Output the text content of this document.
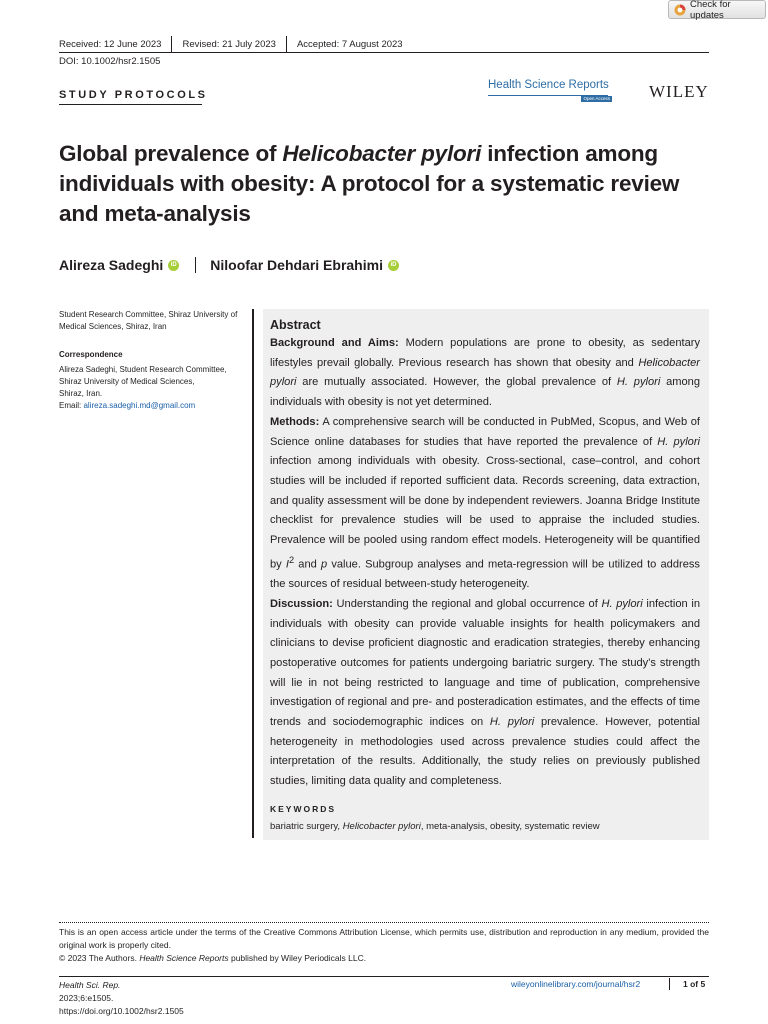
Check for updates
Received: 12 June 2023 Revised: 21 July 2023 Accepted: 7 August 2023
DOI: 10.1002/hsr2.1505
STUDY PROTOCOLS
Health Science Reports
Open Access WILEY
Global prevalence of Helicobacter pylori infection among individuals with obesity: A protocol for a systematic review and meta-analysis
Alireza Sadeghi	iD Niloofar Dehdari Ebrahimi	iD
Student Research Committee, Shiraz University of Medical Sciences, Shiraz, Iran
Correspondence
Alireza Sadeghi, Student Research Committee,
Shiraz University of Medical Sciences,
Shiraz, Iran.
Email: alireza.sadeghi.md@gmail.com
Abstract

Background and Aims: Modern populations are prone to obesity, as sedentary lifestyles prevail globally. Previous research has shown that obesity and Helicobacter pylori are mutually associated. However, the global prevalence of H. pylori among individuals with obesity is not yet determined.
Methods: A comprehensive search will be conducted in PubMed, Scopus, and Web of Science online databases for studies that have reported the prevalence of H. pylori infection among individuals with obesity. Cross-sectional, case–control, and cohort studies will be included if reported sufficient data. Records screening, data extraction, and quality assessment will be done by independent reviewers. Joanna Bridge Institute checklist for prevalence studies will be used to appraise the included studies. Prevalence will be pooled using random effect models. Heterogeneity will be quantified by $I^2$ and p value. Subgroup analyses and meta-regression will be utilized to address the sources of residual between-study heterogeneity.
Discussion: Understanding the regional and global occurrence of H. pylori infection in individuals with obesity can provide valuable insights for health policymakers and clinicians to devise proficient diagnostic and eradication strategies, thereby enhancing postoperative outcomes for patients undergoing bariatric surgery. The study's strength will lie in not being restricted to language and time of publication, comprehensive investigation of regional and pre- and posteradication estimates, and the effects of time trends and sociodemographic indices on H. pylori prevalence. However, potential heterogeneity in methodologies used across prevalence studies could affect the interpretation of the results. Additionally, the study relies on previously published studies, limiting data quality and completeness.

KEYWORDS
bariatric surgery, Helicobacter pylori, meta-analysis, obesity, systematic review
This is an open access article under the terms of the Creative Commons Attribution License, which permits use, distribution and reproduction in any medium, provided the original work is properly cited.
© 2023 The Authors. Health Science Reports published by Wiley Periodicals LLC.
Health Sci. Rep.
2023;6:e1505.
https://doi.org/10.1002/hsr2.1505
wileyonlinelibrary.com/journal/hsr2	1 of 5
